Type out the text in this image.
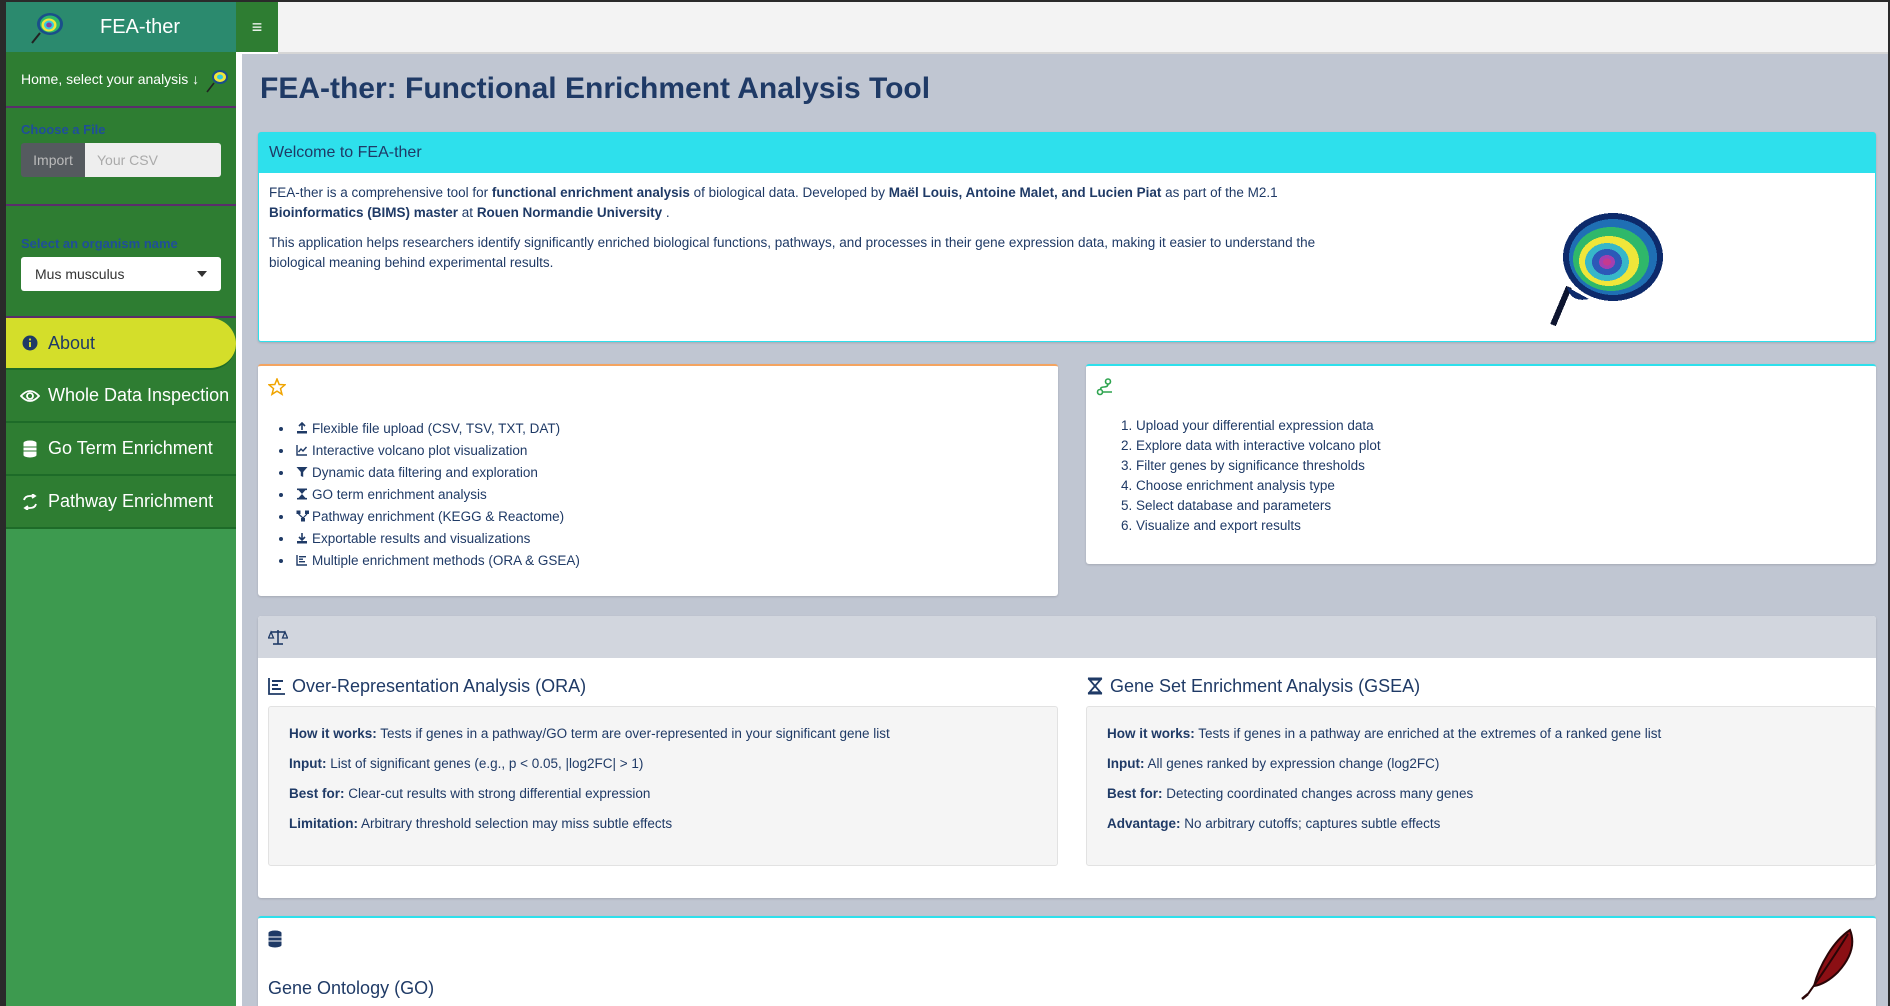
FEA-ther	≡
Home, select your analysis ↓
Choose a File
Import	Your CSV
Select an organism name
Mus musculus
About
Whole Data Inspection
Go Term Enrichment
Pathway Enrichment
FEA-ther: Functional Enrichment Analysis Tool
Welcome to FEA-ther

FEA-ther is a comprehensive tool for functional enrichment analysis of biological data. Developed by Maël Louis, Antoine Malet, and Lucien Piat as part of the M2.1 Bioinformatics (BIMS) master at Rouen Normandie University .

This application helps researchers identify significantly enriched biological functions, pathways, and processes in their gene expression data, making it easier to understand the biological meaning behind experimental results.

• Flexible file upload (CSV, TSV, TXT, DAT)
• Interactive volcano plot visualization
• Dynamic data filtering and exploration
• GO term enrichment analysis
• Pathway enrichment (KEGG & Reactome)
• Exportable results and visualizations
• Multiple enrichment methods (ORA & GSEA)
1. Upload your differential expression data
2. Explore data with interactive volcano plot
3. Filter genes by significance thresholds
4. Choose enrichment analysis type
5. Select database and parameters
6. Visualize and export results
Over-Representation Analysis (ORA)
How it works: Tests if genes in a pathway/GO term are over-represented in your significant gene list
Input: List of significant genes (e.g., p < 0.05, |log2FC| > 1)
Best for: Clear-cut results with strong differential expression
Limitation: Arbitrary threshold selection may miss subtle effects
Gene Set Enrichment Analysis (GSEA)
How it works: Tests if genes in a pathway are enriched at the extremes of a ranked gene list
Input: All genes ranked by expression change (log2FC)
Best for: Detecting coordinated changes across many genes
Advantage: No arbitrary cutoffs; captures subtle effects
Gene Ontology (GO)
